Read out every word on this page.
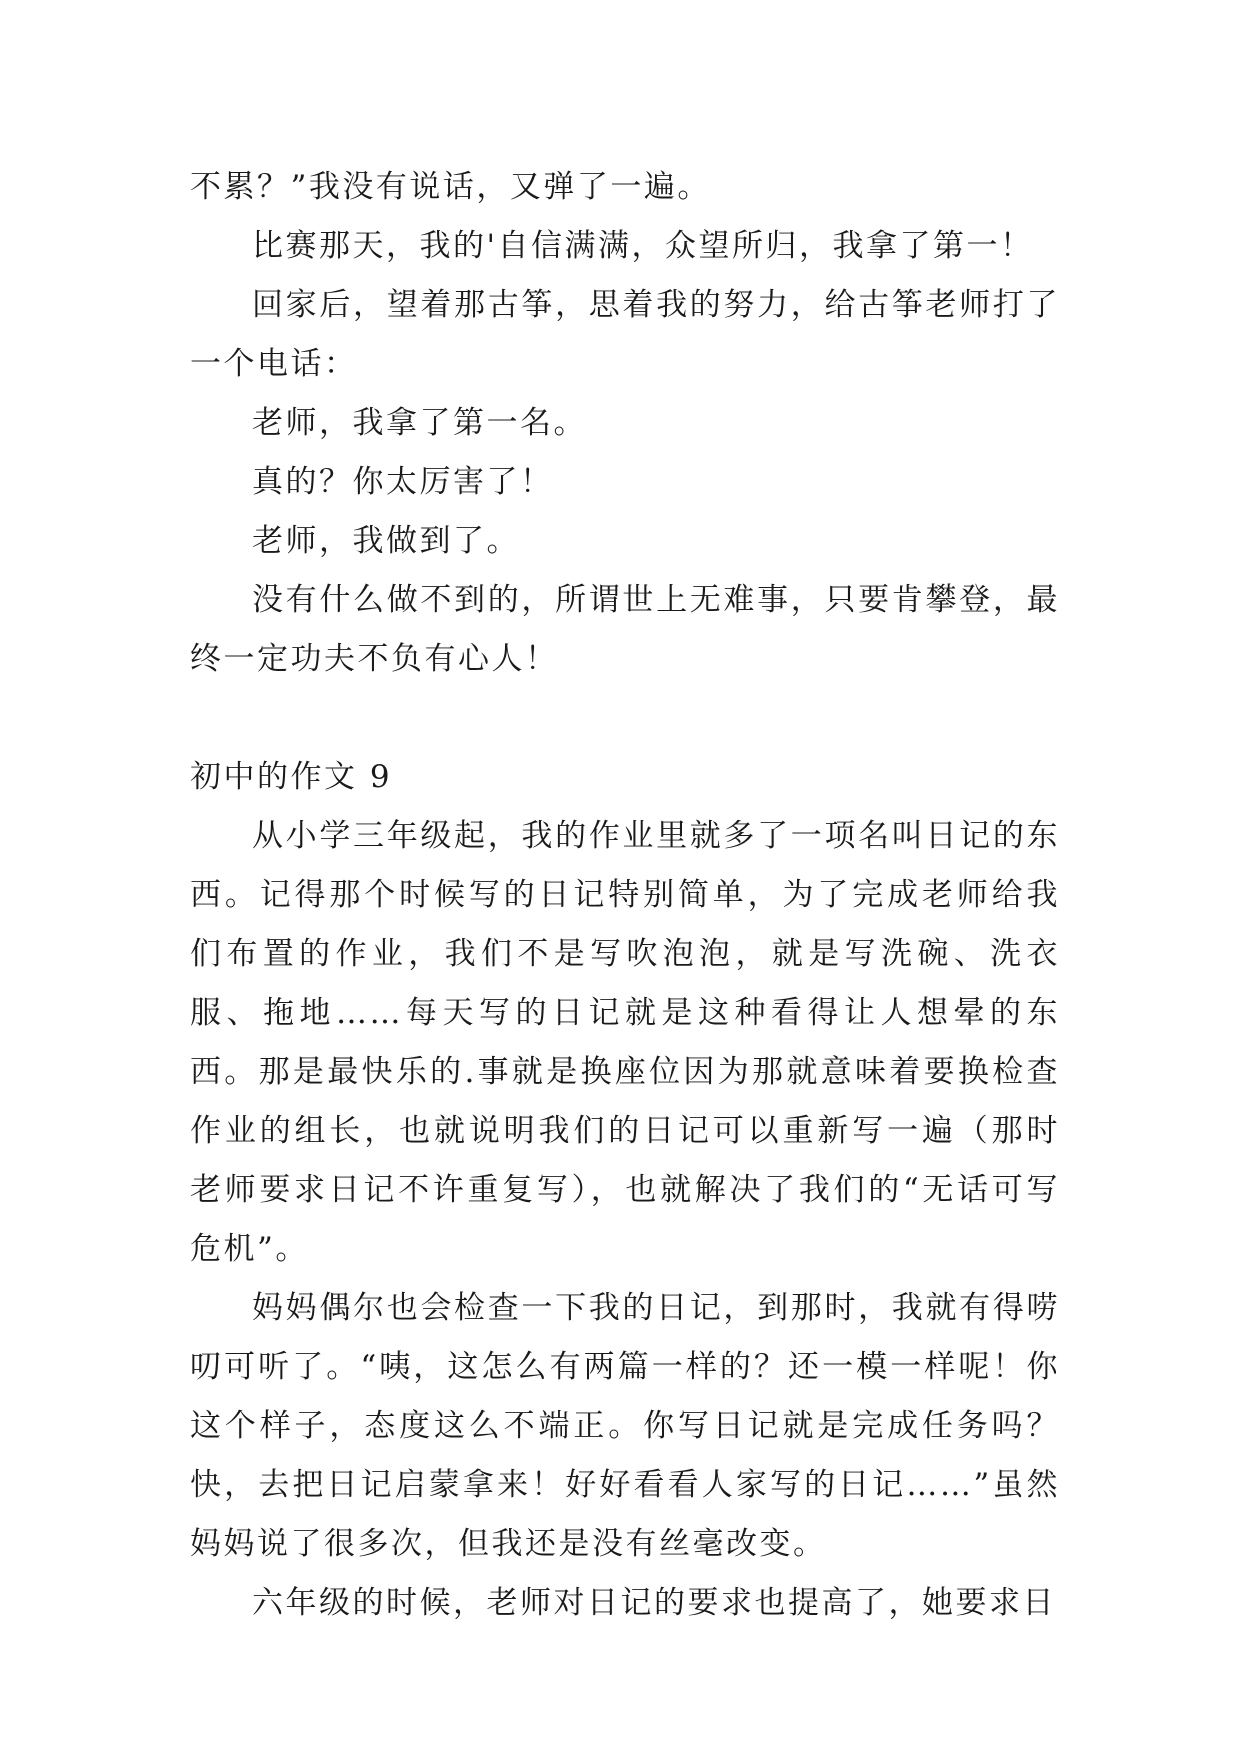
不累？”我没有说话，又弹了一遍。

比赛那天，我的'自信满满，众望所归，我拿了第一！

回家后，望着那古筝，思着我的努力，给古筝老师打了一个电话：

老师，我拿了第一名。

真的？你太厉害了！

老师，我做到了。

没有什么做不到的，所谓世上无难事，只要肯攀登，最终一定功夫不负有心人！

初中的作文 9

从小学三年级起，我的作业里就多了一项名叫日记的东西。记得那个时候写的日记特别简单，为了完成老师给我们布置的作业，我们不是写吹泡泡，就是写洗碗、洗衣服、拖地……每天写的日记就是这种看得让人想晕的东西。那是最快乐的.事就是换座位因为那就意味着要换检查作业的组长，也就说明我们的日记可以重新写一遍（那时老师要求日记不许重复写），也就解决了我们的“无话可写危机”。

妈妈偶尔也会检查一下我的日记，到那时，我就有得唠叨可听了。“咦，这怎么有两篇一样的？还一模一样呢！你这个样子，态度这么不端正。你写日记就是完成任务吗？快，去把日记启蒙拿来！好好看看人家写的日记……”虽然妈妈说了很多次，但我还是没有丝毫改变。

六年级的时候，老师对日记的要求也提高了，她要求日
